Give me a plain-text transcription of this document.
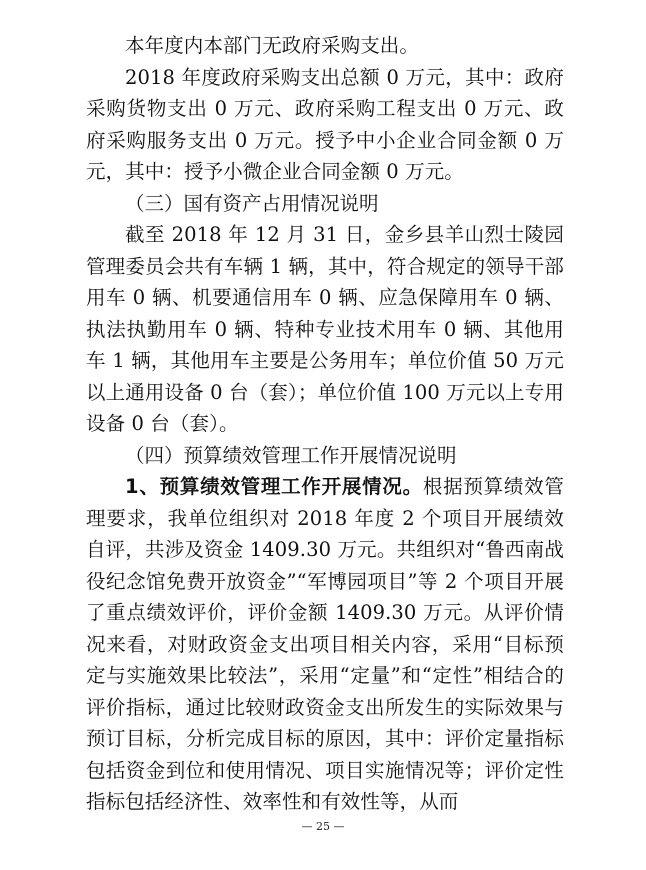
本年度内本部门无政府采购支出。

2018 年度政府采购支出总额 0 万元，其中：政府采购货物支出 0 万元、政府采购工程支出 0 万元、政府采购服务支出 0 万元。授予中小企业合同金额 0 万元，其中：授予小微企业合同金额 0 万元。

（三）国有资产占用情况说明

截至 2018 年 12 月 31 日，金乡县羊山烈士陵园管理委员会共有车辆 1 辆，其中，符合规定的领导干部用车 0 辆、机要通信用车 0 辆、应急保障用车 0 辆、执法执勤用车 0 辆、特种专业技术用车 0 辆、其他用车 1 辆，其他用车主要是公务用车；单位价值 50 万元以上通用设备 0 台（套）；单位价值 100 万元以上专用设备 0 台（套）。

（四）预算绩效管理工作开展情况说明

1、预算绩效管理工作开展情况。根据预算绩效管理要求，我单位组织对 2018 年度 2 个项目开展绩效自评，共涉及资金 1409.30 万元。共组织对“鲁西南战役纪念馆免费开放资金”“军博园项目”等 2 个项目开展了重点绩效评价，评价金额 1409.30 万元。从评价情况来看，对财政资金支出项目相关内容，采用“目标预定与实施效果比较法”，采用“定量”和“定性”相结合的评价指标，通过比较财政资金支出所发生的实际效果与预订目标，分析完成目标的原因，其中：评价定量指标包括资金到位和使用情况、项目实施情况等；评价定性指标包括经济性、效率性和有效性等，从而

— 25 —
